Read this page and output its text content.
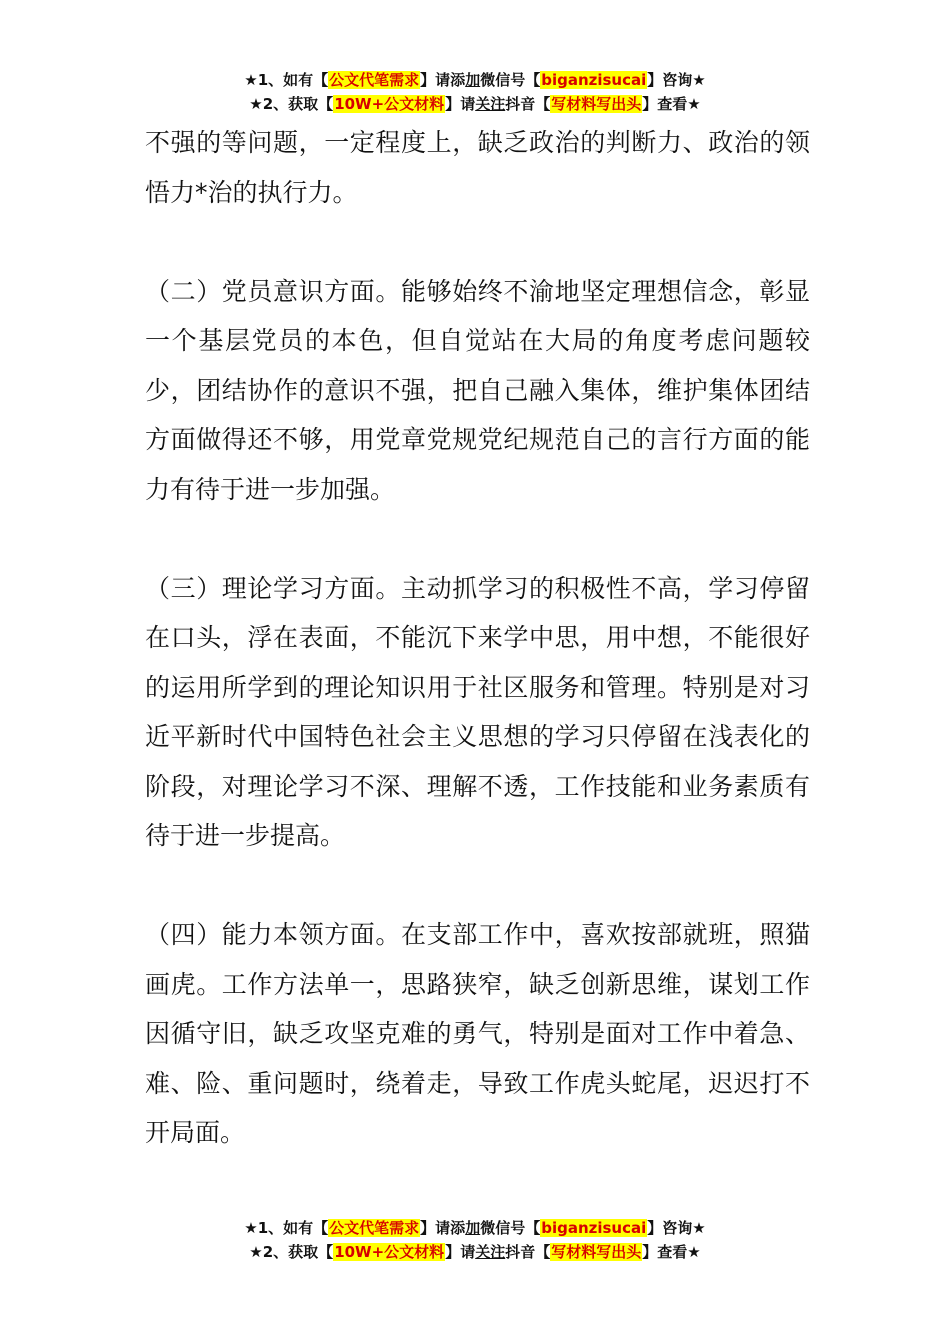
★1、如有【公文代笔需求】请添加微信号【biganzisucai】咨询★
★2、获取【10W+公文材料】请关注抖音【写材料写出头】查看★

不强的等问题，一定程度上，缺乏政治的判断力、政治的领悟力*治的执行力。

（二）党员意识方面。能够始终不渝地坚定理想信念，彰显一个基层党员的本色，但自觉站在大局的角度考虑问题较少，团结协作的意识不强，把自己融入集体，维护集体团结方面做得还不够，用党章党规党纪规范自己的言行方面的能力有待于进一步加强。

（三）理论学习方面。主动抓学习的积极性不高，学习停留在口头，浮在表面，不能沉下来学中思，用中想，不能很好的运用所学到的理论知识用于社区服务和管理。特别是对习近平新时代中国特色社会主义思想的学习只停留在浅表化的阶段，对理论学习不深、理解不透，工作技能和业务素质有待于进一步提高。

（四）能力本领方面。在支部工作中，喜欢按部就班，照猫画虎。工作方法单一，思路狭窄，缺乏创新思维，谋划工作因循守旧，缺乏攻坚克难的勇气，特别是面对工作中着急、难、险、重问题时，绕着走，导致工作虎头蛇尾，迟迟打不开局面。

★1、如有【公文代笔需求】请添加微信号【biganzisucai】咨询★
★2、获取【10W+公文材料】请关注抖音【写材料写出头】查看★
